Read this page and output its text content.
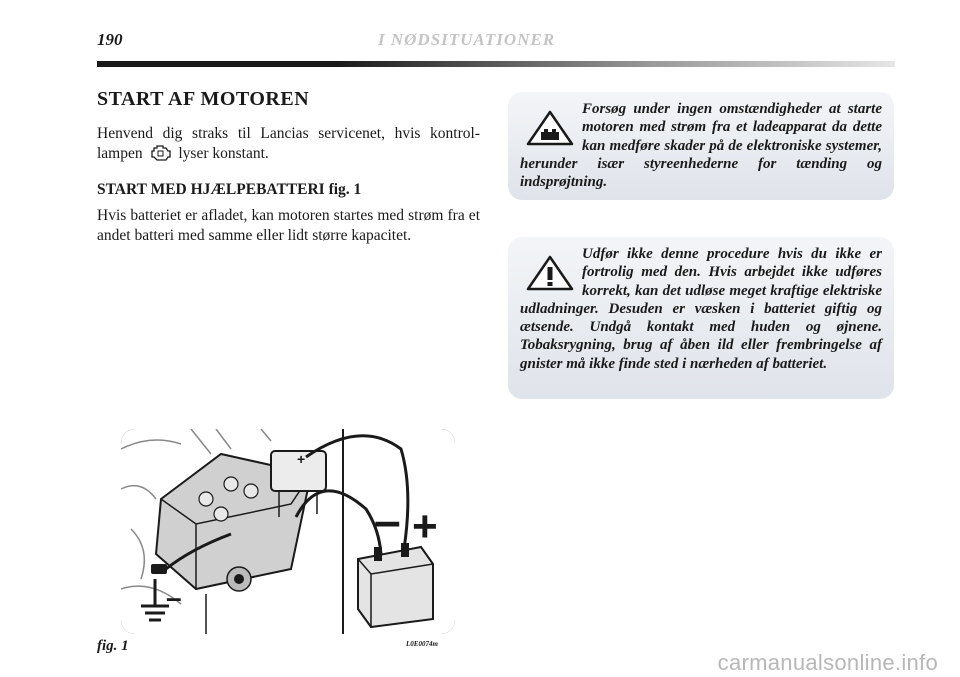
190	I NØDSITUATIONER
START AF MOTOREN
Henvend dig straks til Lancias servicenet, hvis kontrol-lampen lyser konstant.
START MED HJÆLPEBATTERI fig. 1
Hvis batteriet er afladet, kan motoren startes med strøm fra et andet batteri med samme eller lidt større kapacitet.
Forsøg under ingen omstændigheder at starte motoren med strøm fra et ladeapparat da dette kan medføre skader på de elektroniske systemer, herunder især styreenhederne for tænding og indsprøjtning.
Udfør ikke denne procedure hvis du ikke er fortrolig med den. Hvis arbejdet ikke udføres korrekt, kan det udløse meget kraftige elektriske udladninger. Desuden er væsken i batteriet giftig og ætsende. Undgå kontakt med huden og øjnene. Tobaksrygning, brug af åben ild eller frembringelse af gnister må ikke finde sted i nærheden af batteriet.
+
– +
–
fig. 1	L0E0074m
carmanualsonline.info
